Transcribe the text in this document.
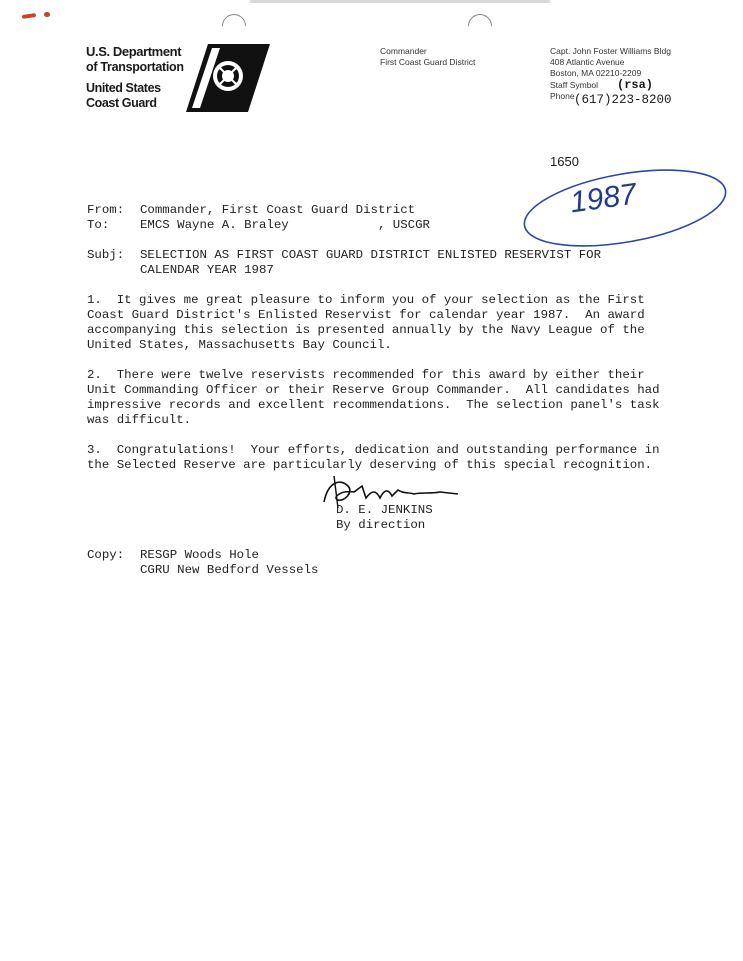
U.S. Department
of Transportation
United States
Coast Guard
Commander
First Coast Guard District
Capt. John Foster Williams Bldg
408 Atlantic Avenue
Boston, MA 02210-2209
Staff Symbol (rsa)
Phone (617)223-8200
1650
1987
From: Commander, First Coast Guard District
To: EMCS Wayne A. Braley            , USCGR
Subj: SELECTION AS FIRST COAST GUARD DISTRICT ENLISTED RESERVIST FOR
CALENDAR YEAR 1987
1.  It gives me great pleasure to inform you of your selection as the First
Coast Guard District's Enlisted Reservist for calendar year 1987.  An award
accompanying this selection is presented annually by the Navy League of the
United States, Massachusetts Bay Council.
2.  There were twelve reservists recommended for this award by either their
Unit Commanding Officer or their Reserve Group Commander.  All candidates had
impressive records and excellent recommendations.  The selection panel's task
was difficult.
3.  Congratulations!  Your efforts, dedication and outstanding performance in
the Selected Reserve are particularly deserving of this special recognition.
D. E. JENKINS
By direction
Copy: RESGP Woods Hole
CGRU New Bedford Vessels
